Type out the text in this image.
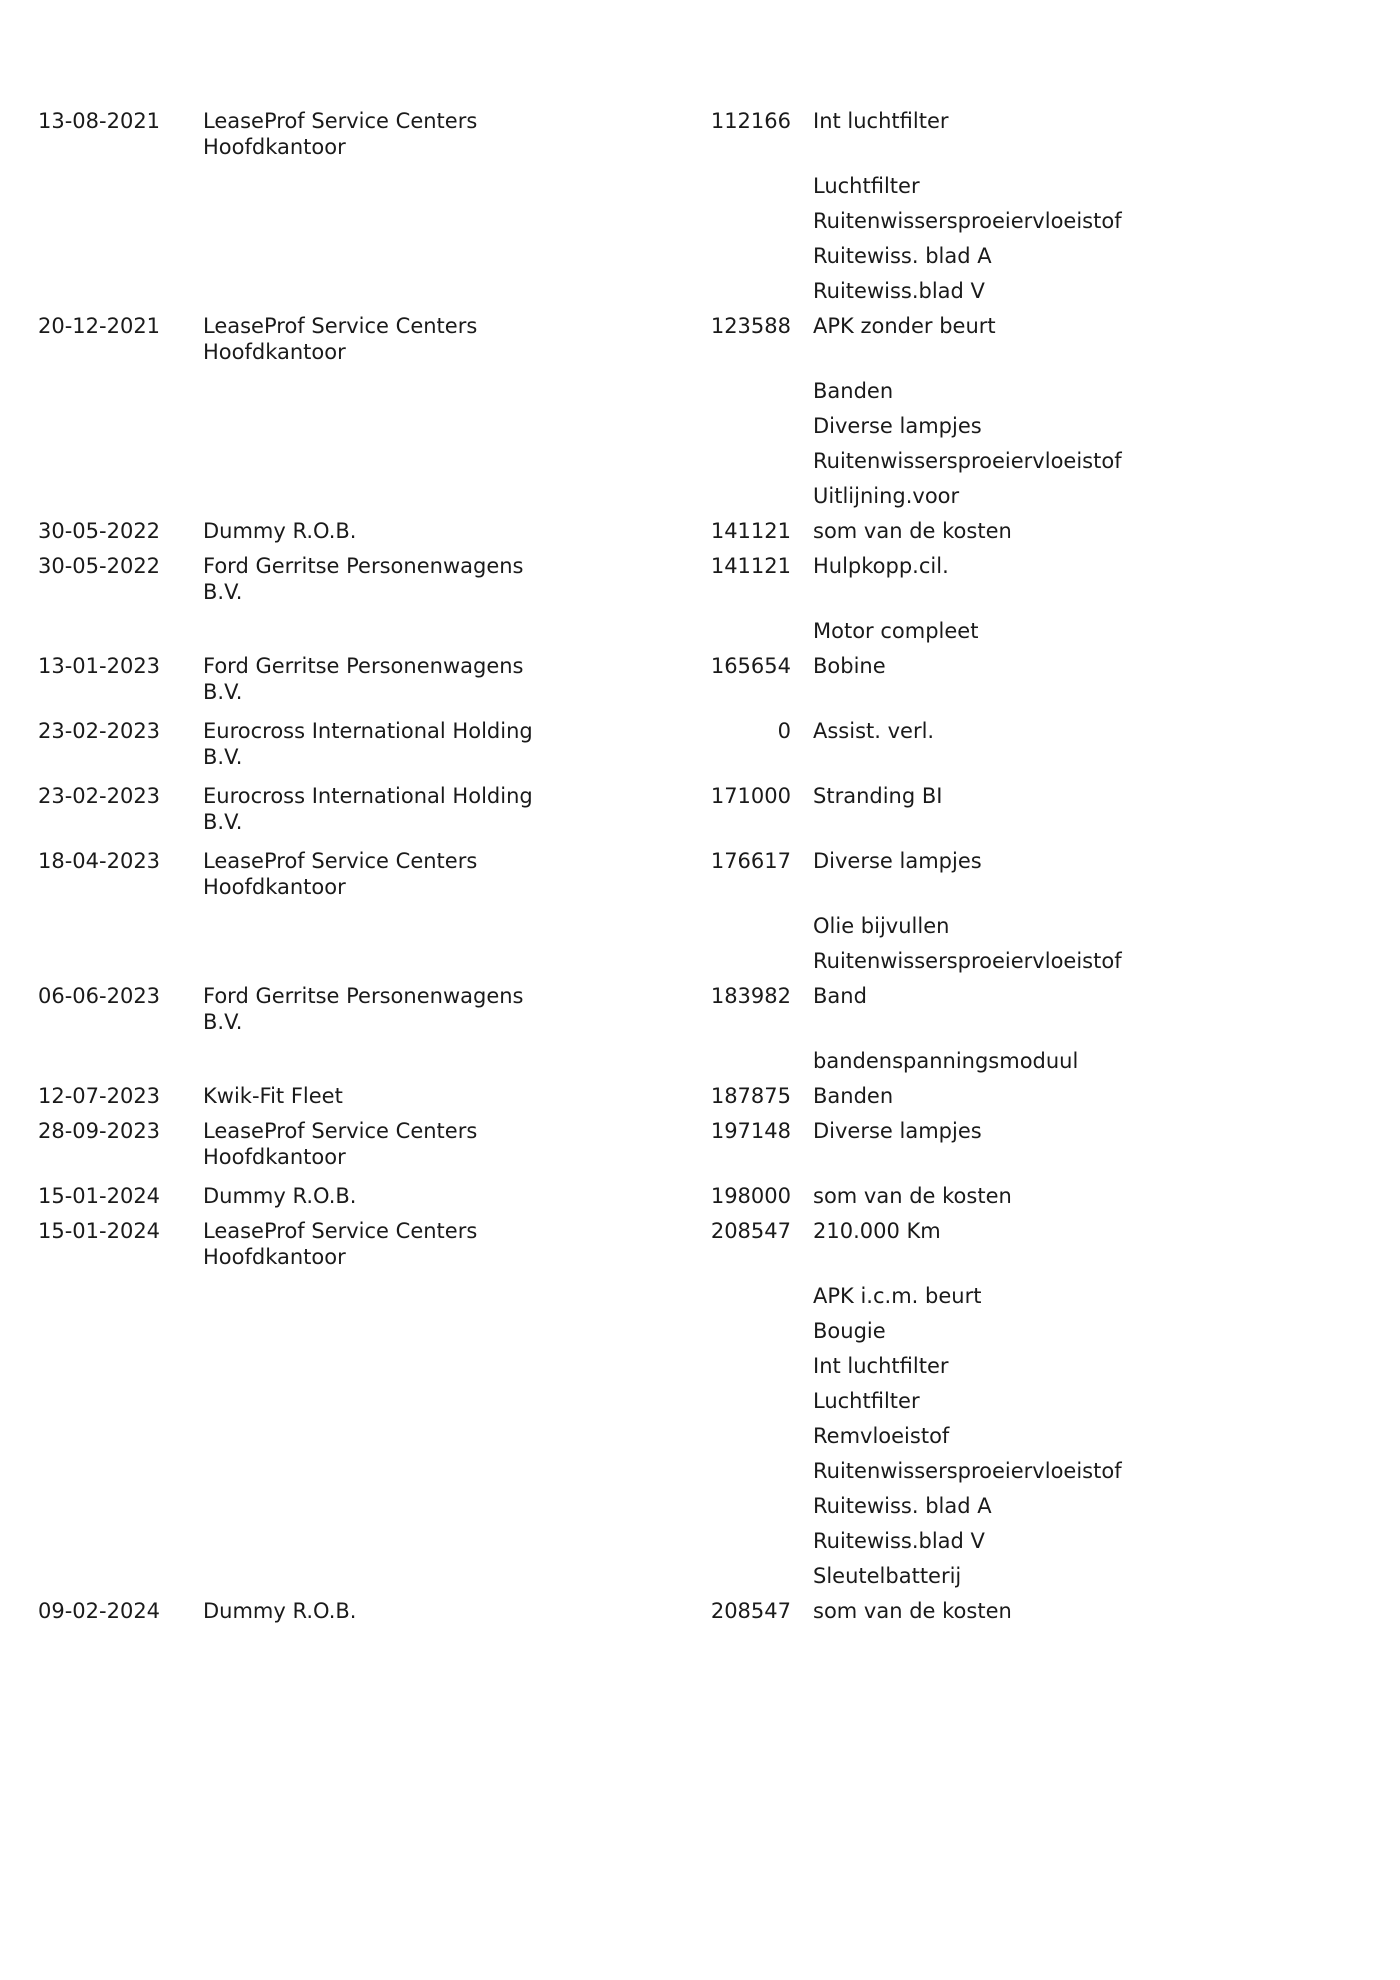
13-08-2021	LeaseProf Service Centers
Hoofdkantoor
112166 Int luchtfilter
Luchtfilter
Ruitenwissersproeiervloeistof
Ruitewiss. blad A
Ruitewiss.blad V
20-12-2021	LeaseProf Service Centers
Hoofdkantoor
123588 APK zonder beurt
Banden
Diverse lampjes
Ruitenwissersproeiervloeistof
Uitlijning.voor
30-05-2022	Dummy R.O.B.	141121 som van de kosten
30-05-2022	Ford Gerritse Personenwagens
B.V.
141121 Hulpkopp.cil.
Motor compleet
13-01-2023	Ford Gerritse Personenwagens
B.V.
165654 Bobine
23-02-2023	Eurocross International Holding
B.V.
0 Assist. verl.
23-02-2023	Eurocross International Holding
B.V.
171000 Stranding BI
18-04-2023	LeaseProf Service Centers
Hoofdkantoor
176617 Diverse lampjes
Olie bijvullen
Ruitenwissersproeiervloeistof
06-06-2023	Ford Gerritse Personenwagens
B.V.
183982 Band
bandenspanningsmoduul
12-07-2023	Kwik-Fit Fleet	187875 Banden
28-09-2023	LeaseProf Service Centers
Hoofdkantoor
197148 Diverse lampjes
15-01-2024	Dummy R.O.B.	198000 som van de kosten
15-01-2024	LeaseProf Service Centers
Hoofdkantoor
208547 210.000 Km
APK i.c.m. beurt
Bougie
Int luchtfilter
Luchtfilter
Remvloeistof
Ruitenwissersproeiervloeistof
Ruitewiss. blad A
Ruitewiss.blad V
Sleutelbatterij
09-02-2024	Dummy R.O.B.	208547 som van de kosten
